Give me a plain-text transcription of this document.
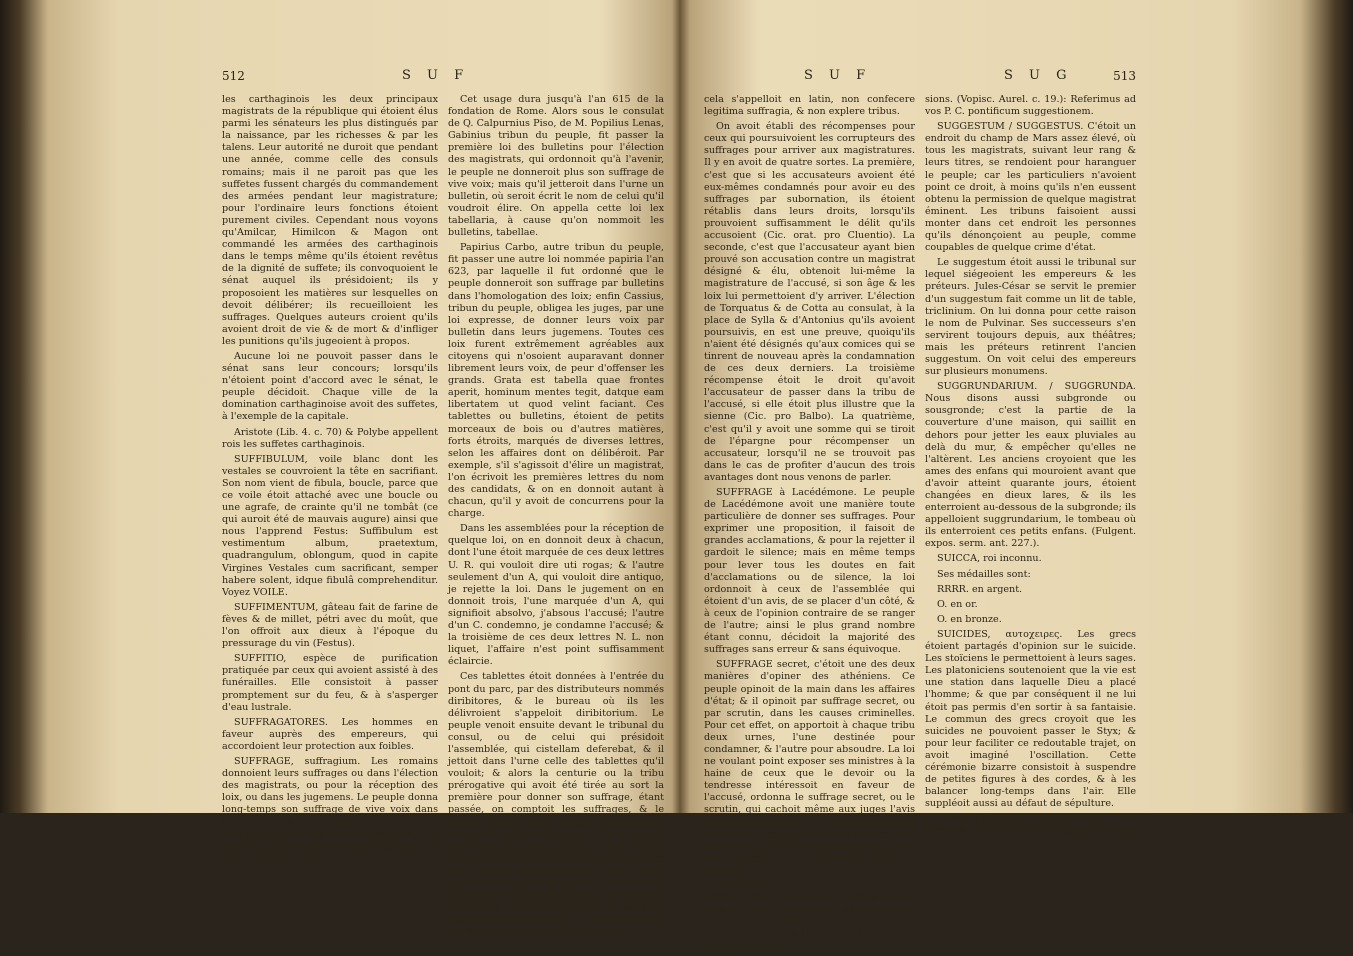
512	S U F

les carthaginois les deux principaux magistrats de la république qui étoient élus parmi les sénateurs les plus distingués par la naissance, par les richesses & par les talens. Leur autorité ne duroit que pendant une année, comme celle des consuls romains; mais il ne paroit pas que les suffetes fussent chargés du commandement des armées pendant leur magistrature; pour l'ordinaire leurs fonctions étoient purement civiles. Cependant nous voyons qu'Amilcar, Himilcon & Magon ont commandé les armées des carthaginois dans le temps même qu'ils étoient revêtus de la dignité de suffete; ils convoquoient le sénat auquel ils présidoient; ils y proposoient les matières sur lesquelles on devoit délibérer; ils recueilloient les suffrages. Quelques auteurs croient qu'ils avoient droit de vie & de mort & d'infliger les punitions qu'ils jugeoient à propos.

Aucune loi ne pouvoit passer dans le sénat sans leur concours; lorsqu'ils n'étoient point d'accord avec le sénat, le peuple décidoit. Chaque ville de la domination carthaginoise avoit des suffetes, à l'exemple de la capitale.

Aristote (Lib. 4. c. 70) & Polybe appellent rois les suffetes carthaginois.

SUFFIBULUM, voile blanc dont les vestales se couvroient la tête en sacrifiant. Son nom vient de fibula, boucle, parce que ce voile étoit attaché avec une boucle ou une agrafe, de crainte qu'il ne tombât (ce qui auroit été de mauvais augure) ainsi que nous l'apprend Festus: Suffibulum est vestimentum album, praetextum, quadrangulum, oblongum, quod in capite Virgines Vestales cum sacrificant, semper habere solent, idque fibulâ comprehenditur. Voyez VOILE.

SUFFIMENTUM, gâteau fait de farine de fèves & de millet, pétri avec du moût, que l'on offroit aux dieux à l'époque du pressurage du vin (Festus).

SUFFITIO, espèce de purification pratiquée par ceux qui avoient assisté à des funérailles. Elle consistoit à passer promptement sur du feu, & à s'asperger d'eau lustrale.

SUFFRAGATORES. Les hommes en faveur auprès des empereurs, qui accordoient leur protection aux foibles.

SUFFRAGE, suffragium. Les romains donnoient leurs suffrages ou dans l'élection des magistrats, ou pour la réception des loix, ou dans les jugemens. Le peuple donna long-temps son suffrage de vive voix dans les affaires de la république, & le suffrage de chacun étoit écrit par un greffier à la porte de l'enclos fait en forme de parc, & qui se nommoit Ovile.

Cet usage dura jusqu'à l'an 615 de la fondation de Rome. Alors sous le consulat de Q. Calpurnius Piso, de M. Popilius Lenas, Gabinius tribun du peuple, fit passer la première loi des bulletins pour l'élection des magistrats, qui ordonnoit qu'à l'avenir, le peuple ne donneroit plus son suffrage de vive voix; mais qu'il jetteroit dans l'urne un bulletin, où seroit écrit le nom de celui qu'il voudroit élire. On appella cette loi lex tabellaria, à cause qu'on nommoit les bulletins, tabellae.

Papirius Carbo, autre tribun du peuple, fit passer une autre loi nommée papiria l'an 623, par laquelle il fut ordonné que le peuple donneroit son suffrage par bulletins dans l'homologation des loix; enfin Cassius, tribun du peuple, obligea les juges, par une loi expresse, de donner leurs voix par bulletin dans leurs jugemens. Toutes ces loix furent extrêmement agréables aux citoyens qui n'osoient auparavant donner librement leurs voix, de peur d'offenser les grands. Grata est tabella quae frontes aperit, hominum mentes tegit, datque eam libertatem ut quod velint faciant. Ces tablettes ou bulletins, étoient de petits morceaux de bois ou d'autres matières, forts étroits, marqués de diverses lettres, selon les affaires dont on délibéroit. Par exemple, s'il s'agissoit d'élire un magistrat, l'on écrivoit les premières lettres du nom des candidats, & on en donnoit autant à chacun, qu'il y avoit de concurrens pour la charge.

Dans les assemblées pour la réception de quelque loi, on en donnoit deux à chacun, dont l'une étoit marquée de ces deux lettres U. R. qui vouloit dire uti rogas; & l'autre seulement d'un A, qui vouloit dire antiquo, je rejette la loi. Dans le jugement on en donnoit trois, l'une marquée d'un A, qui signifioit absolvo, j'absous l'accusé; l'autre d'un C. condemno, je condamne l'accusé; & la troisième de ces deux lettres N. L. non liquet, l'affaire n'est point suffisamment éclaircie.

Ces tablettes étoit données à l'entrée du pont du parc, par des distributeurs nommés diribitores, & le bureau où ils les délivroient s'appeloit diribitorium. Le peuple venoit ensuite devant le tribunal du consul, ou de celui qui présidoit l'assemblée, qui cistellam deferebat, & il jettoit dans l'urne celle des tablettes qu'il vouloit; & alors la centurie ou la tribu prérogative qui avoit été tirée au sort la première pour donner son suffrage, étant passée, on comptoit les suffrages, & le crieur disoit tout haut: praerogativa renuntiat talem consulem; s'il s'agissoit d'une loi, praerogativa legem jubet, ou non accipit. Le magistrat faisoit ensuite appeller les centuries de la première classe, celles de la cavalerie les premières, & celles de l'infanterie ensuite. Mais lorsqu'un candidat n'avoit pas un nombre suffisant de suffrages pour obtenir une charge, le peuple pouvoit choisir qui bon lui sembloit, & cela

S U F	S U G	513

cela s'appelloit en latin, non confecere legitima suffragia, & non explere tribus.

On avoit établi des récompenses pour ceux qui poursuivoient les corrupteurs des suffrages pour arriver aux magistratures. Il y en avoit de quatre sortes. La première, c'est que si les accusateurs avoient été eux-mêmes condamnés pour avoir eu des suffrages par subornation, ils étoient rétablis dans leurs droits, lorsqu'ils prouvoient suffisamment le délit qu'ils accusoient (Cic. orat. pro Cluentio). La seconde, c'est que l'accusateur ayant bien prouvé son accusation contre un magistrat désigné & élu, obtenoit lui-même la magistrature de l'accusé, si son âge & les loix lui permettoient d'y arriver. L'élection de Torquatus & de Cotta au consulat, à la place de Sylla & d'Antonius qu'ils avoient poursuivis, en est une preuve, quoiqu'ils n'aient été désignés qu'aux comices qui se tinrent de nouveau après la condamnation de ces deux derniers. La troisième récompense étoit le droit qu'avoit l'accusateur de passer dans la tribu de l'accusé, si elle étoit plus illustre que la sienne (Cic. pro Balbo). La quatrième, c'est qu'il y avoit une somme qui se tiroit de l'épargne pour récompenser un accusateur, lorsqu'il ne se trouvoit pas dans le cas de profiter d'aucun des trois avantages dont nous venons de parler.

SUFFRAGE à Lacédémone. Le peuple de Lacédémone avoit une manière toute particulière de donner ses suffrages. Pour exprimer une proposition, il faisoit de grandes acclamations, & pour la rejetter il gardoit le silence; mais en même temps pour lever tous les doutes en fait d'acclamations ou de silence, la loi ordonnoit à ceux de l'assemblée qui étoient d'un avis, de se placer d'un côté, & à ceux de l'opinion contraire de se ranger de l'autre; ainsi le plus grand nombre étant connu, décidoit la majorité des suffrages sans erreur & sans équivoque.

SUFFRAGE secret, c'étoit une des deux manières d'opiner des athéniens. Ce peuple opinoit de la main dans les affaires d'état; & il opinoit par suffrage secret, ou par scrutin, dans les causes criminelles. Pour cet effet, on apportoit à chaque tribu deux urnes, l'une destinée pour condamner, & l'autre pour absoudre. La loi ne voulant point exposer ses ministres à la haine de ceux que le devoir ou la tendresse intéressoit en faveur de l'accusé, ordonna le suffrage secret, ou le scrutin, qui cachoit même aux juges l'avis de leurs collègues. Cet usage prévenoit encore les animosités dangereuses, qui souvent à cette occasion passent des pères aux enfans, & se perpétuent dans les familles.

SUGGESTIO, action des pontifes romains par laquelle ils annonçoient du haut d'un endroit élevé quelque chose, par exemple, la nouvelle lune. Ce mot désigna dans les temps postérieurs leurs déci-

Antiquités, Tome V.

sions. (Vopisc. Aurel. c. 19.): Referimus ad vos P. C. pontificum suggestionem.

SUGGESTUM / SUGGESTUS. C'étoit un endroit du champ de Mars assez élevé, où tous les magistrats, suivant leur rang & leurs titres, se rendoient pour haranguer le peuple; car les particuliers n'avoient point ce droit, à moins qu'ils n'en eussent obtenu la permission de quelque magistrat éminent. Les tribuns faisoient aussi monter dans cet endroit les personnes qu'ils dénonçoient au peuple, comme coupables de quelque crime d'état.

Le suggestum étoit aussi le tribunal sur lequel siégeoient les empereurs & les préteurs. Jules-César se servit le premier d'un suggestum fait comme un lit de table, triclinium. On lui donna pour cette raison le nom de Pulvinar. Ses successeurs s'en servirent toujours depuis, aux théâtres; mais les préteurs retinrent l'ancien suggestum. On voit celui des empereurs sur plusieurs monumens.

SUGGRUNDARIUM. / SUGGRUNDA. Nous disons aussi subgronde ou sousgronde; c'est la partie de la couverture d'une maison, qui saillit en dehors pour jetter les eaux pluviales au delà du mur, & empêcher qu'elles ne l'altèrent. Les anciens croyoient que les ames des enfans qui mouroient avant que d'avoir atteint quarante jours, étoient changées en dieux lares, & ils les enterroient au-dessous de la subgronde; ils appelloient suggrundarium, le tombeau où ils enterroient ces petits enfans. (Fulgent. expos. serm. ant. 227.).

SUICCA, roi inconnu.

Ses médailles sont:

RRRR. en argent.

O. en or.

O. en bronze.

SUICIDES, αυτοχειρες. Les grecs étoient partagés d'opinion sur le suicide. Les stoïciens le permettoient à leurs sages. Les platoniciens soutenoient que la vie est une station dans laquelle Dieu a placé l'homme; & que par conséquent il ne lui étoit pas permis d'en sortir à sa fantaisie. Le commun des grecs croyoit que les suicides ne pouvoient passer le Styx; & pour leur faciliter ce redoutable trajet, on avoit imaginé l'oscillation. Cette cérémonie bizarre consistoit à suspendre de petites figures à des cordes, & à les balancer long-temps dans l'air. Elle suppléoit aussi au défaut de sépulture.

Dans l'ancienne jurisprudence des romains, il n'y avoit aucune peine décernée contre ceux qui

T t t
